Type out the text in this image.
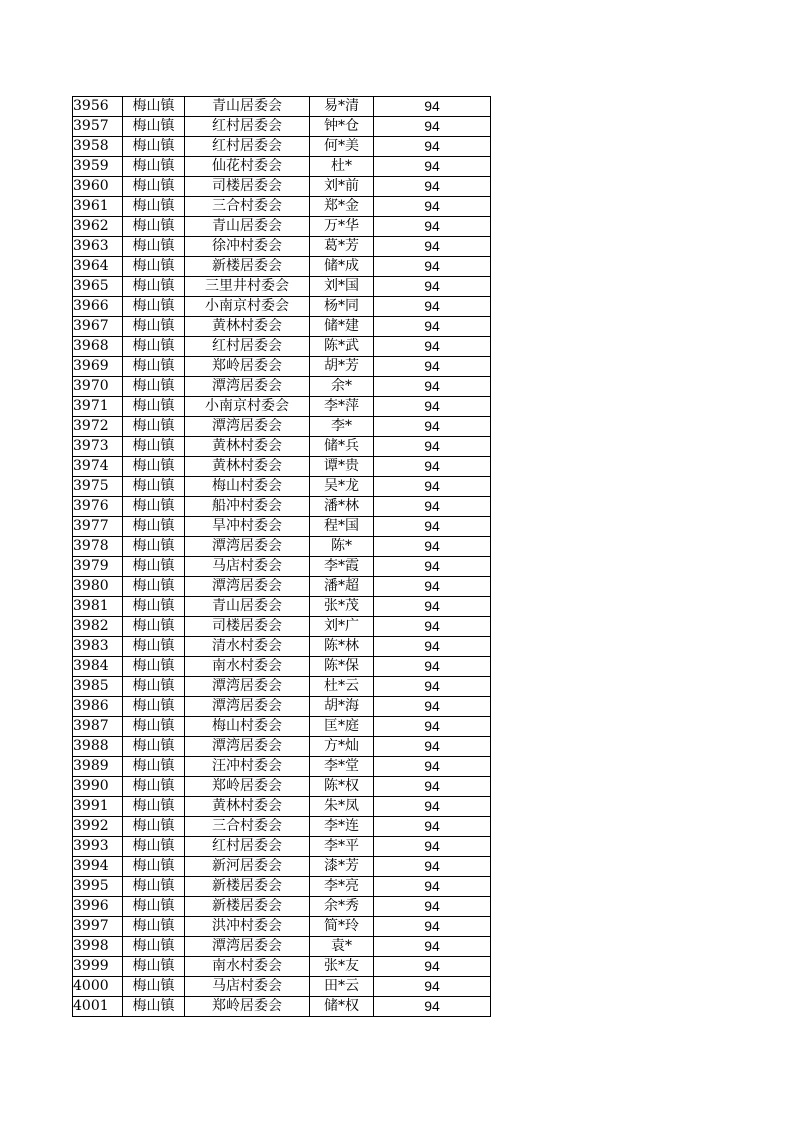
3956	梅山镇	青山居委会	易*清	94
3957	梅山镇	红村居委会	钟*仓	94
3958	梅山镇	红村居委会	何*美	94
3959	梅山镇	仙花村委会	杜*	94
3960	梅山镇	司楼居委会	刘*前	94
3961	梅山镇	三合村委会	郑*金	94
3962	梅山镇	青山居委会	万*华	94
3963	梅山镇	徐冲村委会	葛*芳	94
3964	梅山镇	新楼居委会	储*成	94
3965	梅山镇	三里井村委会	刘*国	94
3966	梅山镇	小南京村委会	杨*同	94
3967	梅山镇	黄林村委会	储*建	94
3968	梅山镇	红村居委会	陈*武	94
3969	梅山镇	郑岭居委会	胡*芳	94
3970	梅山镇	潭湾居委会	余*	94
3971	梅山镇	小南京村委会	李*萍	94
3972	梅山镇	潭湾居委会	李*	94
3973	梅山镇	黄林村委会	储*兵	94
3974	梅山镇	黄林村委会	谭*贵	94
3975	梅山镇	梅山村委会	吴*龙	94
3976	梅山镇	船冲村委会	潘*林	94
3977	梅山镇	旱冲村委会	程*国	94
3978	梅山镇	潭湾居委会	陈*	94
3979	梅山镇	马店村委会	李*霞	94
3980	梅山镇	潭湾居委会	潘*超	94
3981	梅山镇	青山居委会	张*茂	94
3982	梅山镇	司楼居委会	刘*广	94
3983	梅山镇	清水村委会	陈*林	94
3984	梅山镇	南水村委会	陈*保	94
3985	梅山镇	潭湾居委会	杜*云	94
3986	梅山镇	潭湾居委会	胡*海	94
3987	梅山镇	梅山村委会	匡*庭	94
3988	梅山镇	潭湾居委会	方*灿	94
3989	梅山镇	汪冲村委会	李*堂	94
3990	梅山镇	郑岭居委会	陈*权	94
3991	梅山镇	黄林村委会	朱*凤	94
3992	梅山镇	三合村委会	李*连	94
3993	梅山镇	红村居委会	李*平	94
3994	梅山镇	新河居委会	漆*芳	94
3995	梅山镇	新楼居委会	李*亮	94
3996	梅山镇	新楼居委会	余*秀	94
3997	梅山镇	洪冲村委会	简*玲	94
3998	梅山镇	潭湾居委会	袁*	94
3999	梅山镇	南水村委会	张*友	94
4000	梅山镇	马店村委会	田*云	94
4001	梅山镇	郑岭居委会	储*权	94
